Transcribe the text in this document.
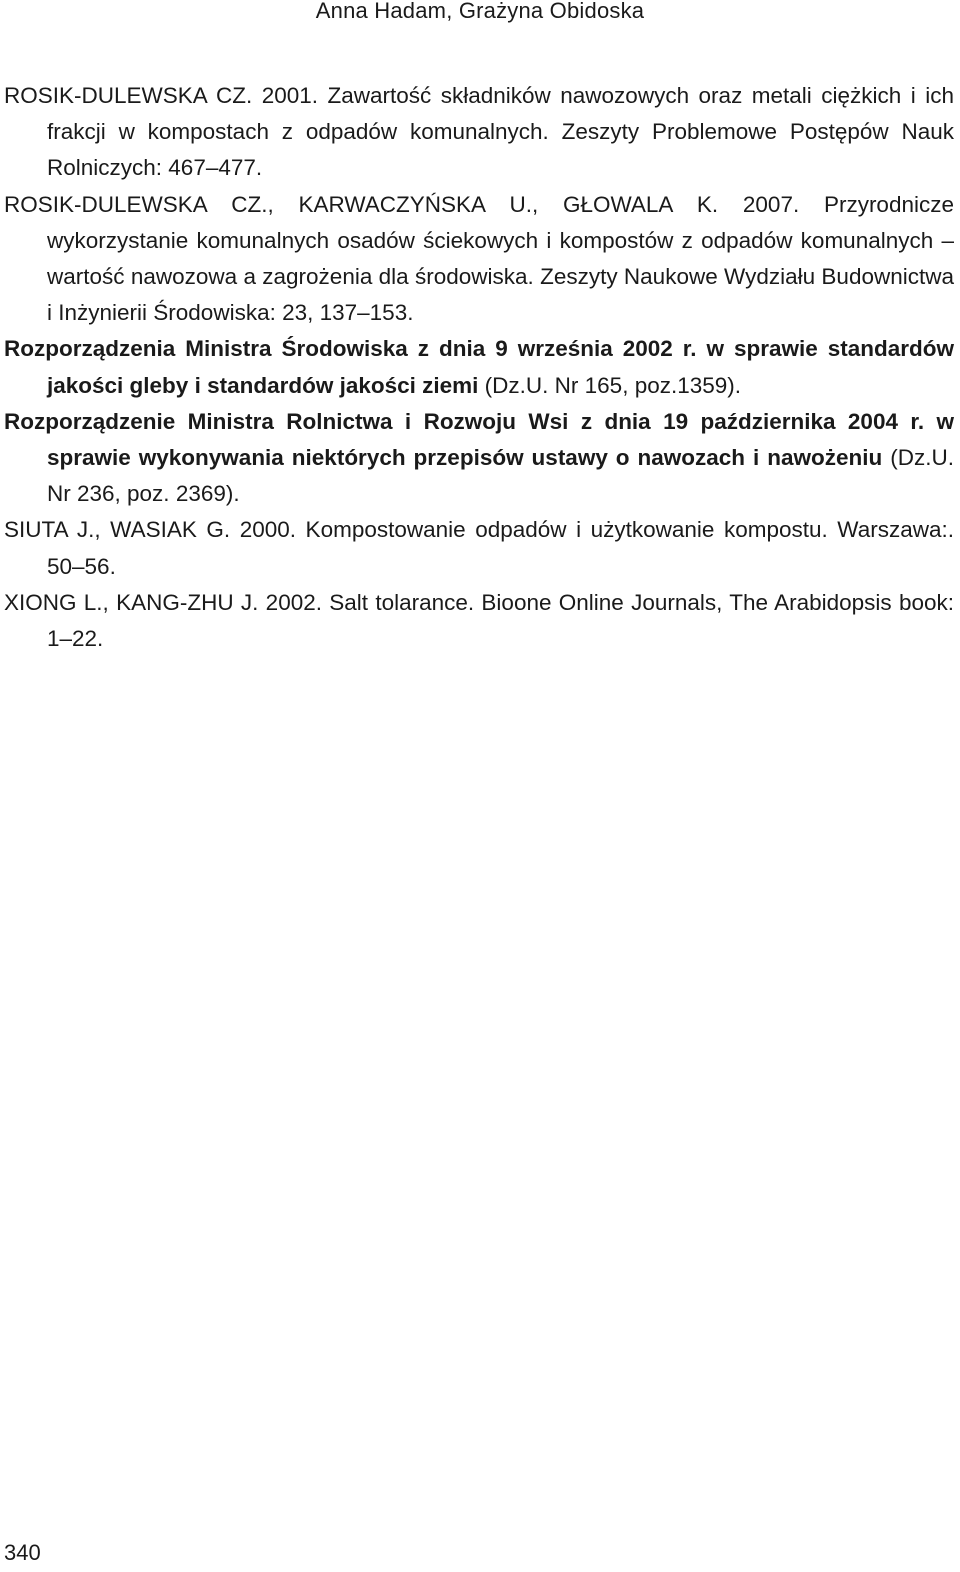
Anna Hadam, Grażyna Obidoska
ROSIK-DULEWSKA CZ. 2001. Zawartość składników nawozowych oraz metali ciężkich i ich frakcji w kompostach z odpadów komunalnych. Zeszyty Problemowe Postępów Nauk Rolniczych: 467–477.
ROSIK-DULEWSKA CZ., KARWACZYŃSKA U., GŁOWALA K. 2007. Przyrodnicze wykorzystanie komunalnych osadów ściekowych i kompostów z odpadów komunalnych – wartość nawozowa a zagrożenia dla środowiska. Zeszyty Naukowe Wydziału Budownictwa i Inżynierii Środowiska: 23, 137–153.
Rozporządzenia Ministra Środowiska z dnia 9 września 2002 r. w sprawie standardów jakości gleby i standardów jakości ziemi (Dz.U. Nr 165, poz.1359).
Rozporządzenie Ministra Rolnictwa i Rozwoju Wsi z dnia 19 października 2004 r. w sprawie wykonywania niektórych przepisów ustawy o nawozach i nawożeniu (Dz.U. Nr 236, poz. 2369).
SIUTA J., WASIAK G. 2000. Kompostowanie odpadów i użytkowanie kompostu. Warszawa:. 50–56.
XIONG L., KANG-ZHU J. 2002. Salt tolarance. Bioone Online Journals, The Arabidopsis book: 1–22.
340
